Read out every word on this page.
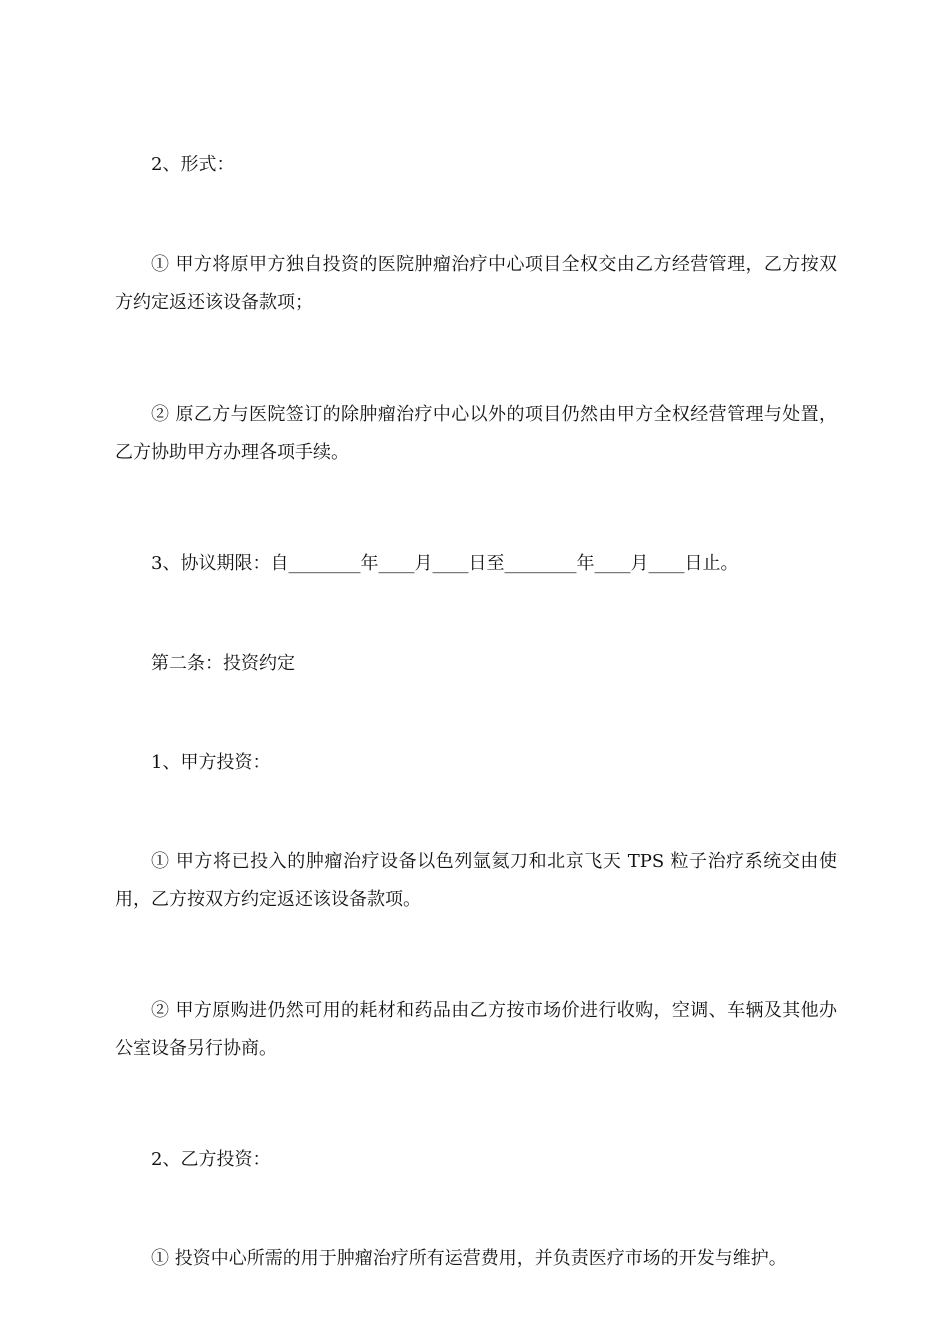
2、形式：

① 甲方将原甲方独自投资的医院肿瘤治疗中心项目全权交由乙方经营管理，乙方按双方约定返还该设备款项；

② 原乙方与医院签订的除肿瘤治疗中心以外的项目仍然由甲方全权经营管理与处置，乙方协助甲方办理各项手续。

3、协议期限：自________年____月____日至________年____月____日止。

第二条：投资约定

1、甲方投资：

① 甲方将已投入的肿瘤治疗设备以色列氩氦刀和北京飞天 TPS 粒子治疗系统交由使用，乙方按双方约定返还该设备款项。

② 甲方原购进仍然可用的耗材和药品由乙方按市场价进行收购，空调、车辆及其他办公室设备另行协商。

2、乙方投资：

① 投资中心所需的用于肿瘤治疗所有运营费用，并负责医疗市场的开发与维护。
